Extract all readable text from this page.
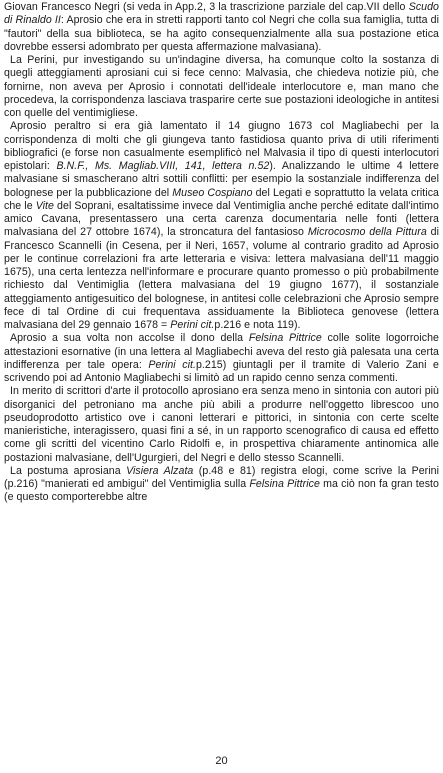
Giovan Francesco Negri (si veda in App.2, 3 la trascrizione parziale del cap.VII dello Scudo di Rinaldo II: Aprosio che era in stretti rapporti tanto col Negri che colla sua famiglia, tutta di "fautori" della sua biblioteca, se ha agito consequenzialmente alla sua postazione etica dovrebbe essersi adombrato per questa affermazione malvasiana).

La Perini, pur investigando su un'indagine diversa, ha comunque colto la sostanza di quegli atteggiamenti aprosiani cui si fece cenno: Malvasia, che chiedeva notizie più, che fornirne, non aveva per Aprosio i connotati dell'ideale interlocutore e, man mano che procedeva, la corrispondenza lasciava trasparire certe sue postazioni ideologiche in antitesi con quelle del ventimigliese.

Aprosio peraltro si era già lamentato il 14 giugno 1673 col Magliabechi per la corrispondenza di molti che gli giungeva tanto fastidiosa quanto priva di utili riferimenti bibliografici (e forse non casualmente esemplificò nel Malvasia il tipo di questi interlocutori epistolari: B.N.F., Ms. Magliab.VIII, 141, lettera n.52). Analizzando le ultime 4 lettere malvasiane si smascherano altri sottili conflitti: per esempio la sostanziale indifferenza del bolognese per la pubblicazione del Museo Cospiano del Legati e soprattutto la velata critica che le Vite del Soprani, esaltatissime invece dal Ventimiglia anche perché editate dall'intimo amico Cavana, presentassero una certa carenza documentaria nelle fonti (lettera malvasiana del 27 ottobre 1674), la stroncatura del fantasioso Microcosmo della Pittura di Francesco Scannelli (in Cesena, per il Neri, 1657, volume al contrario gradito ad Aprosio per le continue correlazioni fra arte letteraria e visiva: lettera malvasiana dell'11 maggio 1675), una certa lentezza nell'informare e procurare quanto promesso o più probabilmente richiesto dal Ventimiglia (lettera malvasiana del 19 giugno 1677), il sostanziale atteggiamento antigesuitico del bolognese, in antitesi colle celebrazioni che Aprosio sempre fece di tal Ordine di cui frequentava assiduamente la Biblioteca genovese (lettera malvasiana del 29 gennaio 1678 = Perini cit.p.216 e nota 119).

Aprosio a sua volta non accolse il dono della Felsina Pittrice colle solite logorroiche attestazioni esornative (in una lettera al Magliabechi aveva del resto già palesata una certa indifferenza per tale opera: Perini cit.p.215) giuntagli per il tramite di Valerio Zani e scrivendo poi ad Antonio Magliabechi si limitò ad un rapido cenno senza commenti.

In merito di scrittori d'arte il protocollo aprosiano era senza meno in sintonia con autori più disorganici del petroniano ma anche più abili a produrre nell'oggetto librescoo uno pseudoprodotto artistico ove i canoni letterari e pittorici, in sintonia con certe scelte manieristiche, interagissero, quasi fini a sé, in un rapporto scenografico di causa ed effetto come gli scritti del vicentino Carlo Ridolfi e, in prospettiva chiaramente antinomica alle postazioni malvasiane, dell'Ugurgieri, del Negri e dello stesso Scannelli.

La postuma aprosiana Visiera Alzata (p.48 e 81) registra elogi, come scrive la Perini (p.216) "manierati ed ambigui" del Ventimiglia sulla Felsina Pittrice ma ciò non fa gran testo (e questo comporterebbe altre

20
